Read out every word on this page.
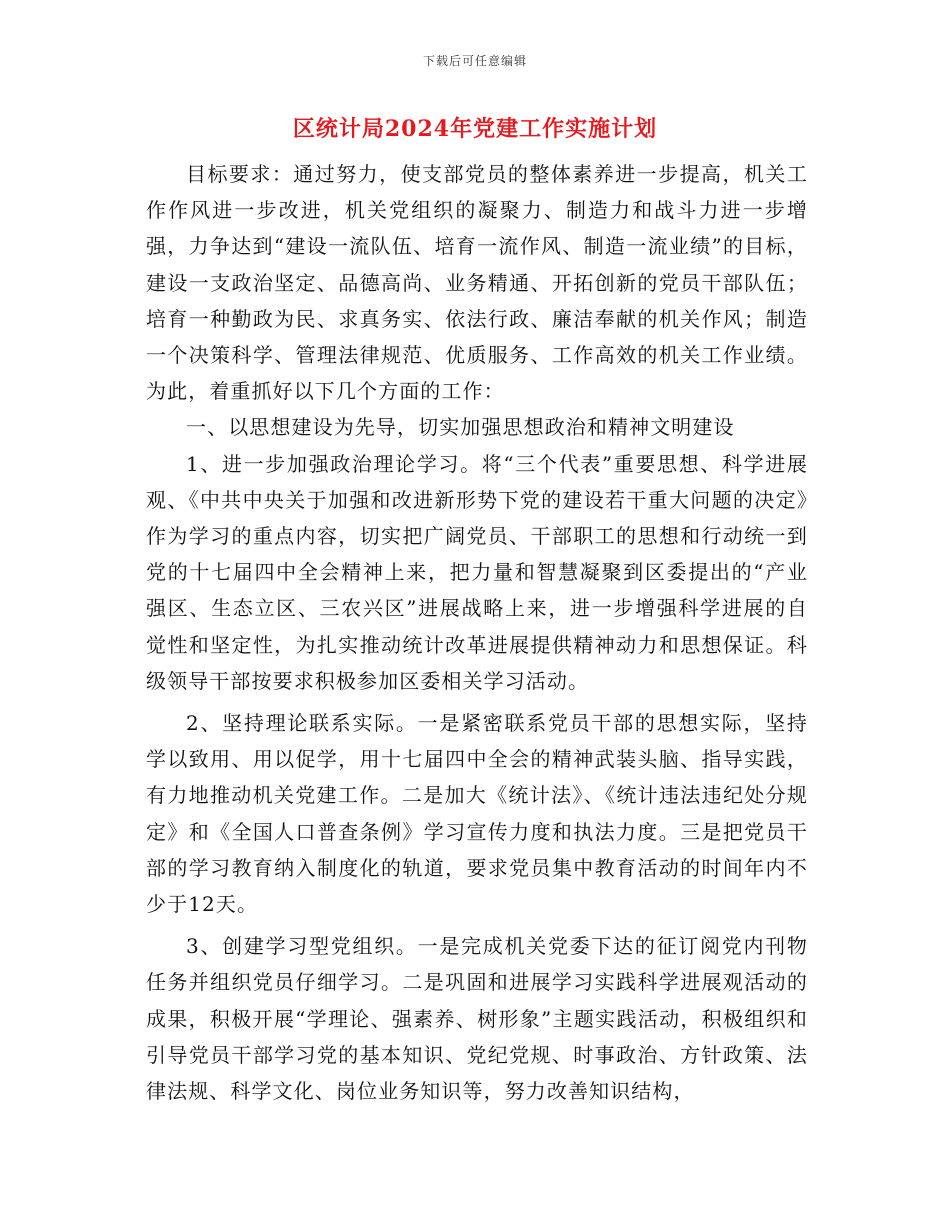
下载后可任意编辑
区统计局2024年党建工作实施计划

目标要求：通过努力，使支部党员的整体素养进一步提高，机关工作作风进一步改进，机关党组织的凝聚力、制造力和战斗力进一步增强，力争达到“建设一流队伍、培育一流作风、制造一流业绩”的目标，建设一支政治坚定、品德高尚、业务精通、开拓创新的党员干部队伍；培育一种勤政为民、求真务实、依法行政、廉洁奉献的机关作风；制造一个决策科学、管理法律规范、优质服务、工作高效的机关工作业绩。为此，着重抓好以下几个方面的工作：

一、以思想建设为先导，切实加强思想政治和精神文明建设

1、进一步加强政治理论学习。将“三个代表”重要思想、科学进展观、《中共中央关于加强和改进新形势下党的建设若干重大问题的决定》作为学习的重点内容，切实把广阔党员、干部职工的思想和行动统一到党的十七届四中全会精神上来，把力量和智慧凝聚到区委提出的“产业强区、生态立区、三农兴区”进展战略上来，进一步增强科学进展的自觉性和坚定性，为扎实推动统计改革进展提供精神动力和思想保证。科级领导干部按要求积极参加区委相关学习活动。

2、坚持理论联系实际。一是紧密联系党员干部的思想实际，坚持学以致用、用以促学，用十七届四中全会的精神武装头脑、指导实践，有力地推动机关党建工作。二是加大《统计法》、《统计违法违纪处分规定》和《全国人口普查条例》学习宣传力度和执法力度。三是把党员干部的学习教育纳入制度化的轨道，要求党员集中教育活动的时间年内不少于12天。

3、创建学习型党组织。一是完成机关党委下达的征订阅党内刊物任务并组织党员仔细学习。二是巩固和进展学习实践科学进展观活动的成果，积极开展“学理论、强素养、树形象”主题实践活动，积极组织和引导党员干部学习党的基本知识、党纪党规、时事政治、方针政策、法律法规、科学文化、岗位业务知识等，努力改善知识结构，
